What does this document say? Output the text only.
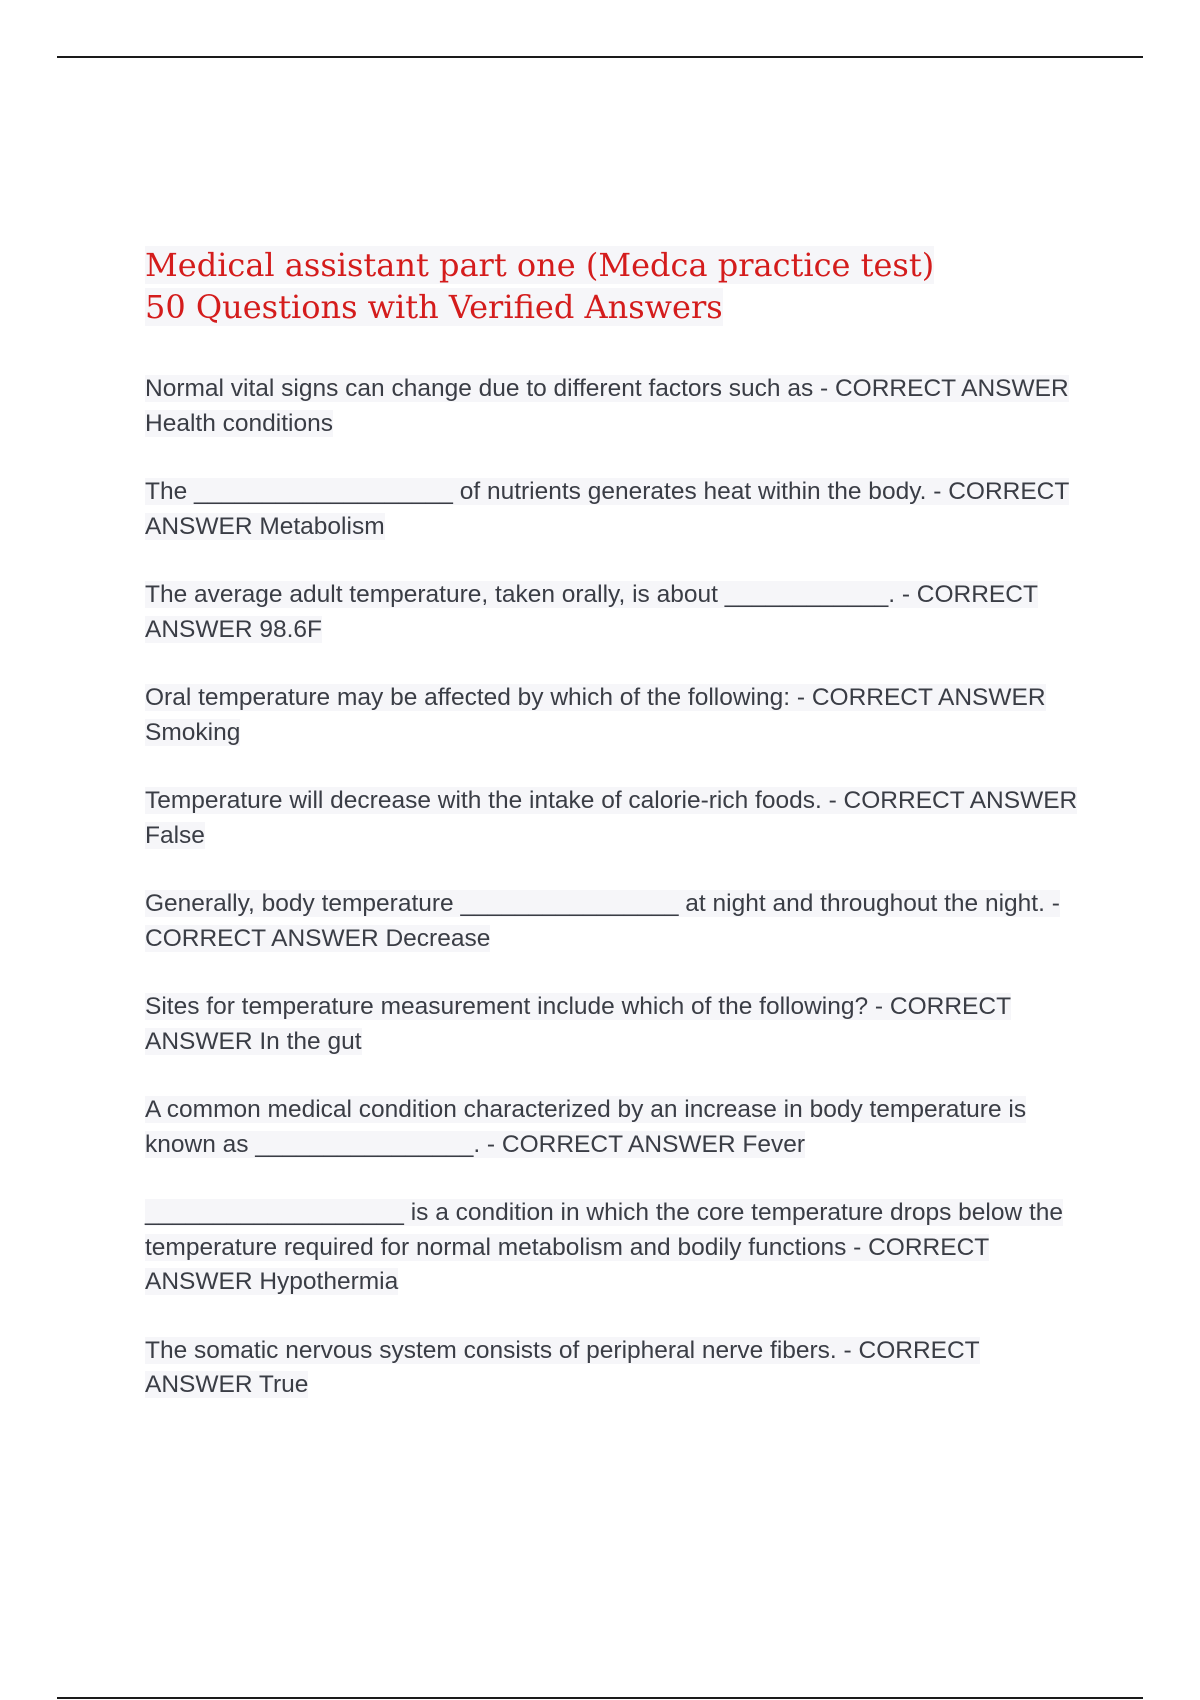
Medical assistant part one (Medca practice test) 50 Questions with Verified Answers

Normal vital signs can change due to different factors such as - CORRECT ANSWER Health conditions

The ___________________ of nutrients generates heat within the body. - CORRECT ANSWER Metabolism

The average adult temperature, taken orally, is about ____________. - CORRECT ANSWER 98.6F

Oral temperature may be affected by which of the following: - CORRECT ANSWER Smoking

Temperature will decrease with the intake of calorie-rich foods. - CORRECT ANSWER False

Generally, body temperature ________________ at night and throughout the night. - CORRECT ANSWER Decrease

Sites for temperature measurement include which of the following? - CORRECT ANSWER In the gut

A common medical condition characterized by an increase in body temperature is known as ________________. - CORRECT ANSWER Fever

___________________ is a condition in which the core temperature drops below the temperature required for normal metabolism and bodily functions - CORRECT ANSWER Hypothermia

The somatic nervous system consists of peripheral nerve fibers. - CORRECT ANSWER True
